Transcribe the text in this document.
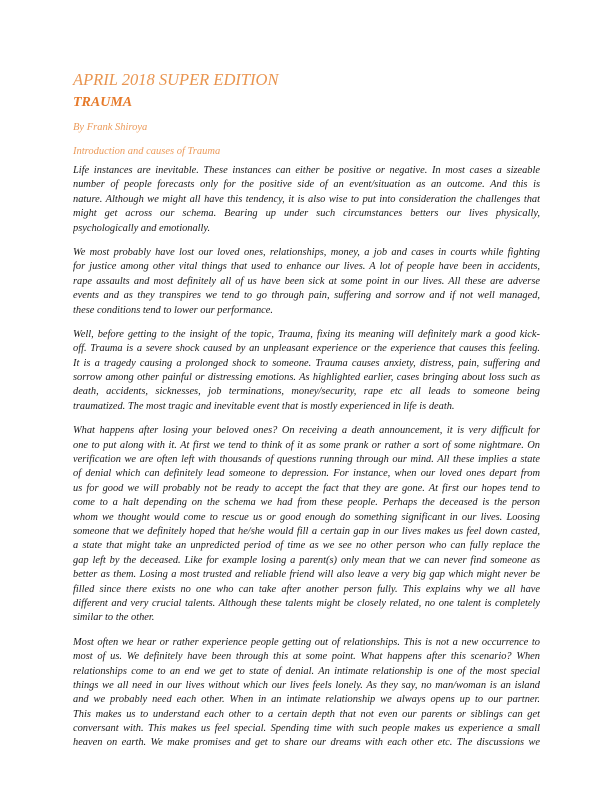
APRIL 2018 SUPER EDITION
TRAUMA
By Frank Shiroya
Introduction and causes of Trauma
Life instances are inevitable. These instances can either be positive or negative. In most cases a sizeable
number of people forecasts only for the positive side of an event/situation as an outcome. And this is
nature. Although we might all have this tendency, it is also wise to put into consideration the challenges that
might get across our schema. Bearing up under such circumstances betters our lives physically,
psychologically and emotionally.
We most probably have lost our loved ones, relationships, money, a job and cases in courts while fighting
for justice among other vital things that used to enhance our lives. A lot of people have been in accidents,
rape assaults and most definitely all of us have been sick at some point in our lives. All these are adverse
events and as they transpires we tend to go through pain, suffering and sorrow and if not well managed,
these conditions tend to lower our performance.
Well, before getting to the insight of the topic, Trauma, fixing its meaning will definitely mark a good kick-
off. Trauma is a severe shock caused by an unpleasant experience or the experience that causes this feeling.
It is a tragedy causing a prolonged shock to someone. Trauma causes anxiety, distress, pain, suffering and
sorrow among other painful or distressing emotions. As highlighted earlier, cases bringing about loss such as
death, accidents, sicknesses, job terminations, money/security, rape etc all leads to someone being
traumatized. The most tragic and inevitable event that is mostly experienced in life is death.
What happens after losing your beloved ones? On receiving a death announcement, it is very difficult for
one to put along with it. At first we tend to think of it as some prank or rather a sort of some nightmare. On
verification we are often left with thousands of questions running through our mind. All these implies a state
of denial which can definitely lead someone to depression. For instance, when our loved ones depart from
us for good we will probably not be ready to accept the fact that they are gone. At first our hopes tend to
come to a halt depending on the schema we had from these people. Perhaps the deceased is the person
whom we thought would come to rescue us or good enough do something significant in our lives. Loosing
someone that we definitely hoped that he/she would fill a certain gap in our lives makes us feel down casted,
a state that might take an unpredicted period of time as we see no other person who can fully replace the
gap left by the deceased. Like for example losing a parent(s) only mean that we can never find someone as
better as them. Losing a most trusted and reliable friend will also leave a very big gap which might never be
filled since there exists no one who can take after another person fully. This explains why we all have
different and very crucial talents. Although these talents might be closely related, no one talent is completely
similar to the other.
Most often we hear or rather experience people getting out of relationships. This is not a new occurrence to
most of us. We definitely have been through this at some point. What happens after this scenario? When
relationships come to an end we get to state of denial. An intimate relationship is one of the most special
things we all need in our lives without which our lives feels lonely. As they say, no man/woman is an island
and we probably need each other. When in an intimate relationship we always opens up to our partner.
This makes us to understand each other to a certain depth that not even our parents or siblings can get
conversant with. This makes us feel special. Spending time with such people makes us experience a small
heaven on earth. We make promises and get to share our dreams with each other etc. The discussions we
